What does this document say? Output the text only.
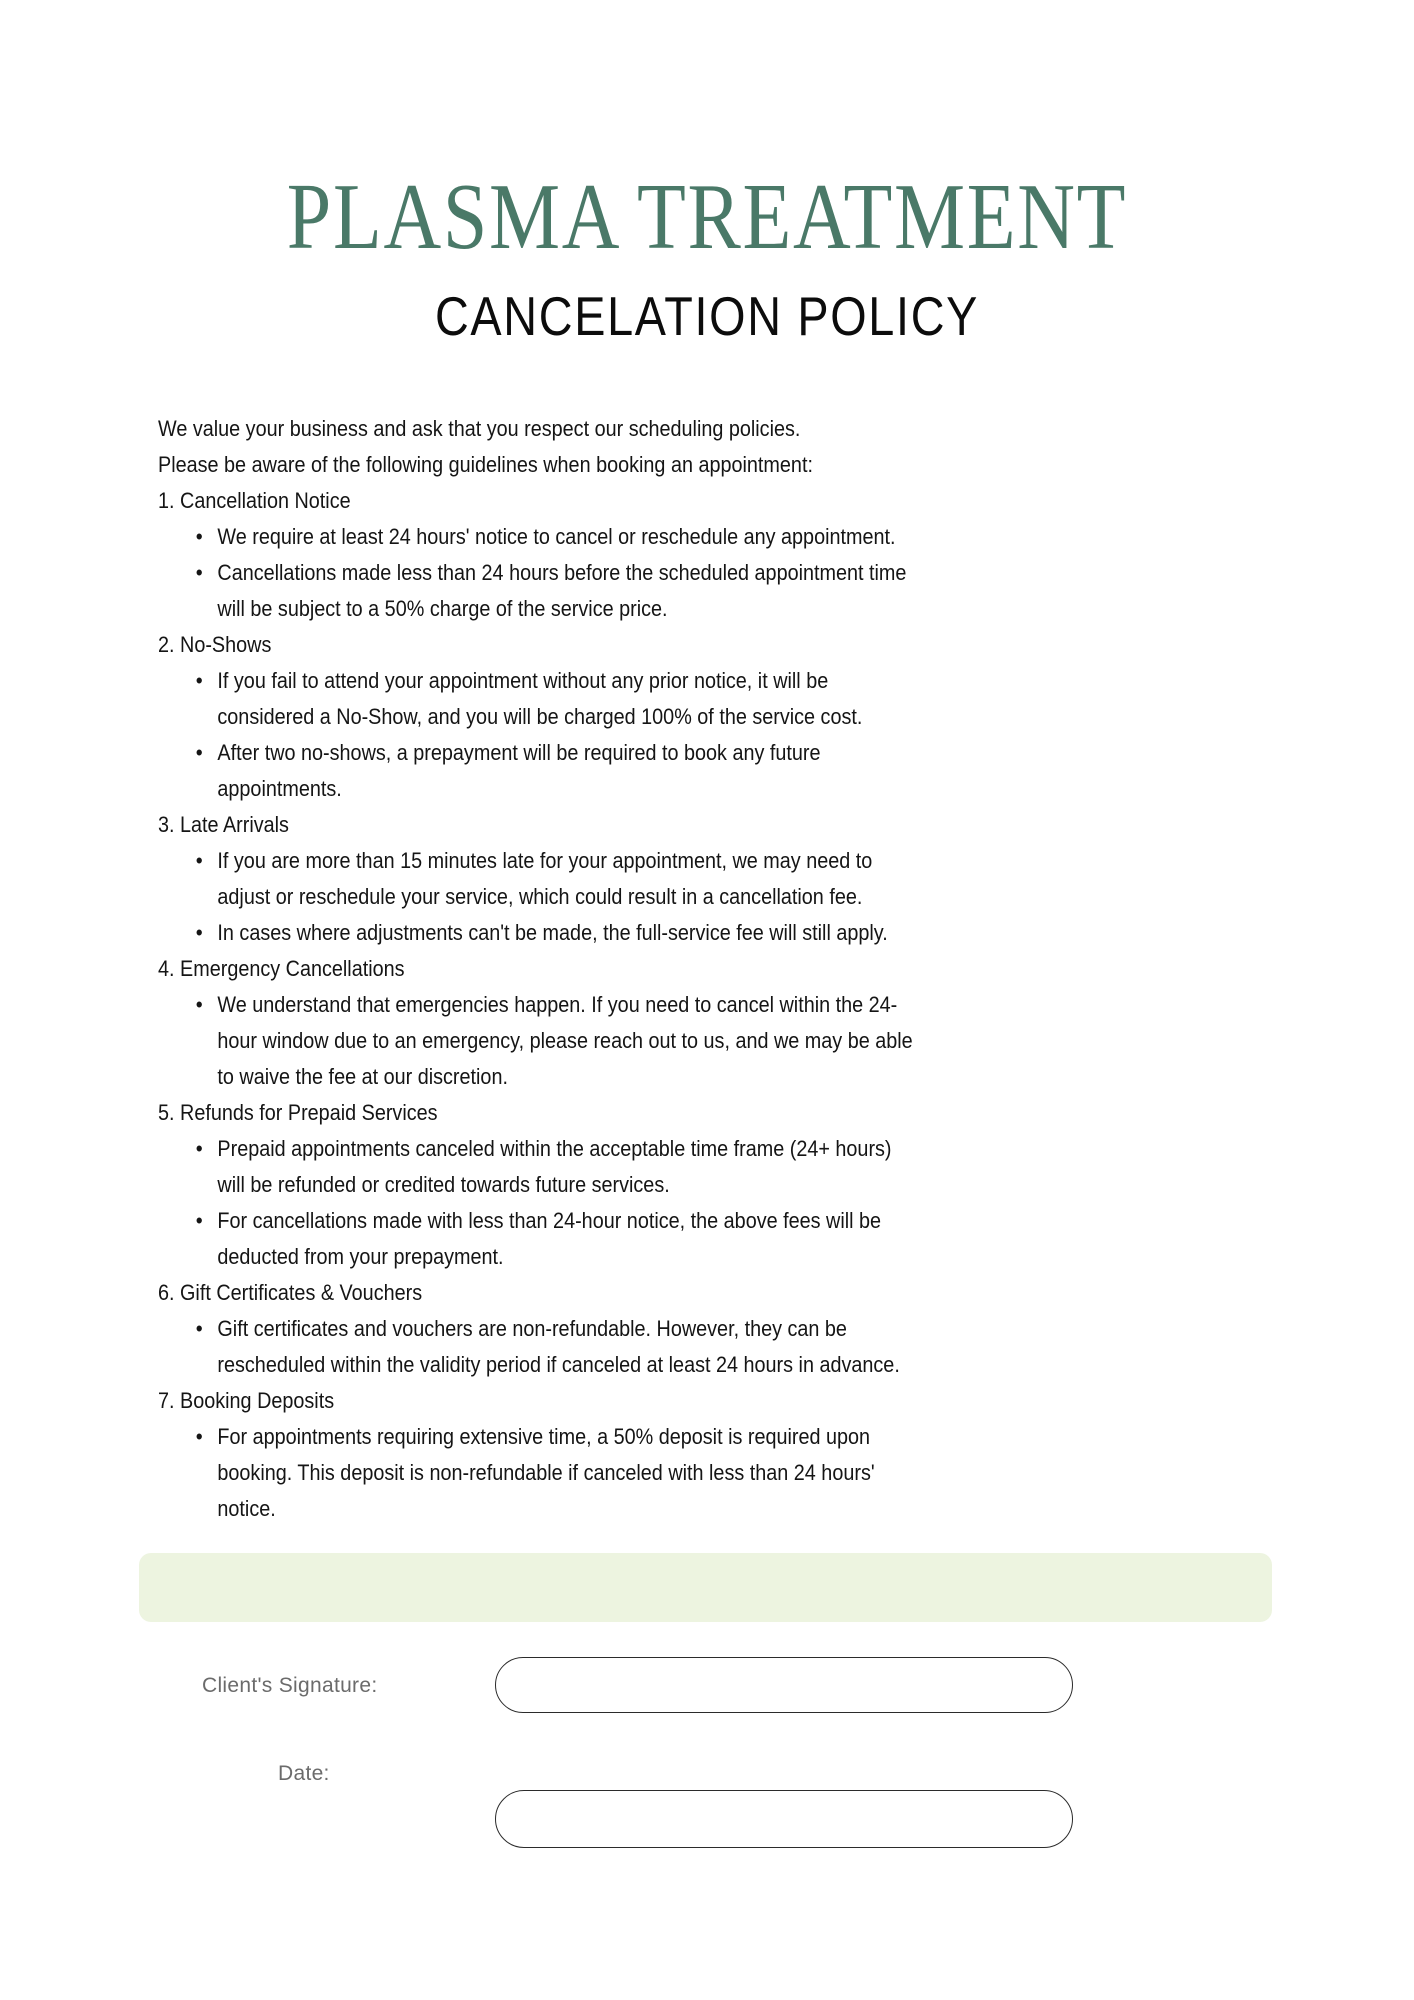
PLASMA TREATMENT
CANCELATION POLICY
We value your business and ask that you respect our scheduling policies.
Please be aware of the following guidelines when booking an appointment:
1. Cancellation Notice
• We require at least 24 hours' notice to cancel or reschedule any appointment.
• Cancellations made less than 24 hours before the scheduled appointment time
will be subject to a 50% charge of the service price.
2. No-Shows
• If you fail to attend your appointment without any prior notice, it will be
considered a No-Show, and you will be charged 100% of the service cost.
• After two no-shows, a prepayment will be required to book any future
appointments.
3. Late Arrivals
• If you are more than 15 minutes late for your appointment, we may need to
adjust or reschedule your service, which could result in a cancellation fee.
• In cases where adjustments can't be made, the full-service fee will still apply.
4. Emergency Cancellations
• We understand that emergencies happen. If you need to cancel within the 24-
hour window due to an emergency, please reach out to us, and we may be able
to waive the fee at our discretion.
5. Refunds for Prepaid Services
• Prepaid appointments canceled within the acceptable time frame (24+ hours)
will be refunded or credited towards future services.
• For cancellations made with less than 24-hour notice, the above fees will be
deducted from your prepayment.
6. Gift Certificates & Vouchers
• Gift certificates and vouchers are non-refundable. However, they can be
rescheduled within the validity period if canceled at least 24 hours in advance.
7. Booking Deposits
• For appointments requiring extensive time, a 50% deposit is required upon
booking. This deposit is non-refundable if canceled with less than 24 hours'
notice.
Client's Signature:
Date:
